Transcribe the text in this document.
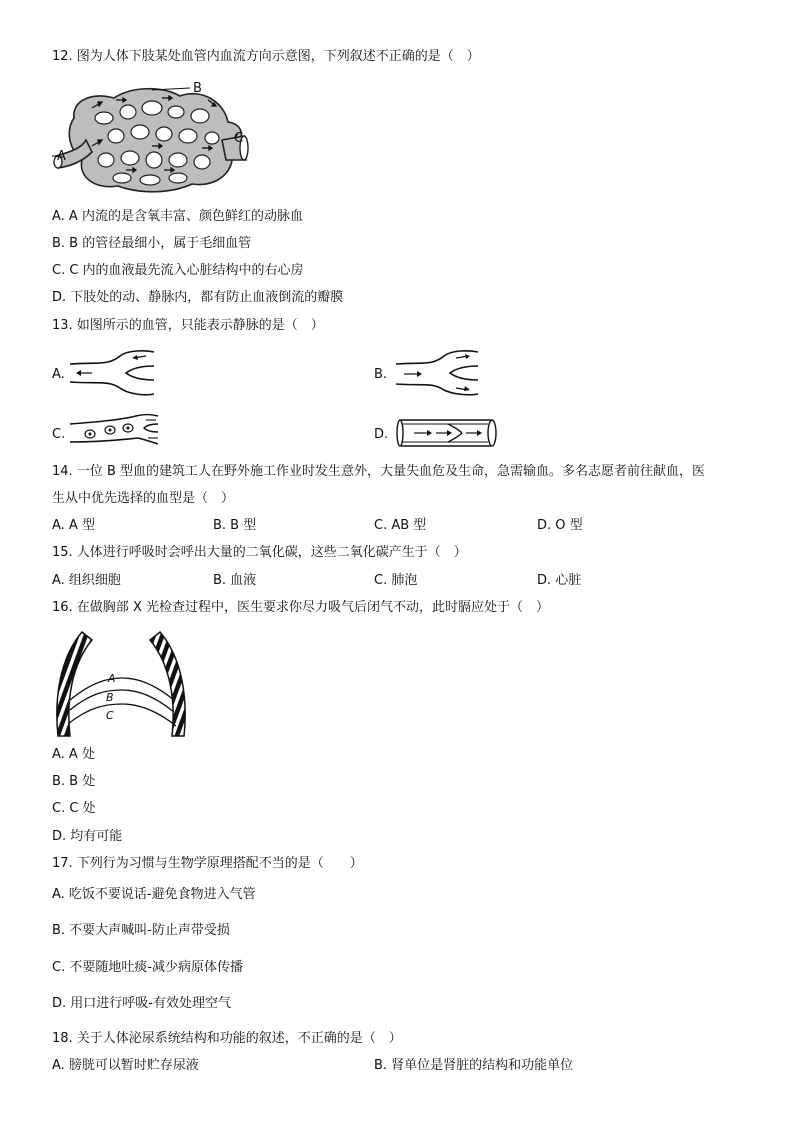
12. 图为人体下肢某处血管内血流方向示意图，下列叙述不正确的是（　）
A
B
C
A. A 内流的是含氧丰富、颜色鲜红的动脉血
B. B 的管径最细小，属于毛细血管
C. C 内的血液最先流入心脏结构中的右心房
D. 下肢处的动、静脉内，都有防止血液倒流的瓣膜
13. 如图所示的血管，只能表示静脉的是（　）
A.	B.
C.	D.
14. 一位 B 型血的建筑工人在野外施工作业时发生意外，大量失血危及生命，急需输血。多名志愿者前往献血，医
生从中优先选择的血型是（　）
A. A 型	B. B 型	C. AB 型	D. O 型
15. 人体进行呼吸时会呼出大量的二氧化碳，这些二氧化碳产生于（　）
A. 组织细胞	B. 血液	C. 肺泡	D. 心脏
16. 在做胸部 X 光检查过程中，医生要求你尽力吸气后闭气不动，此时膈应处于（　）
A
B
C
A. A 处
B. B 处
C. C 处
D. 均有可能
17. 下列行为习惯与生物学原理搭配不当的是（　　）
A. 吃饭不要说话-避免食物进入气管
B. 不要大声喊叫-防止声带受损
C. 不要随地吐痰-减少病原体传播
D. 用口进行呼吸-有效处理空气
18. 关于人体泌尿系统结构和功能的叙述，不正确的是（　）
A. 膀胱可以暂时贮存尿液	B. 肾单位是肾脏的结构和功能单位
